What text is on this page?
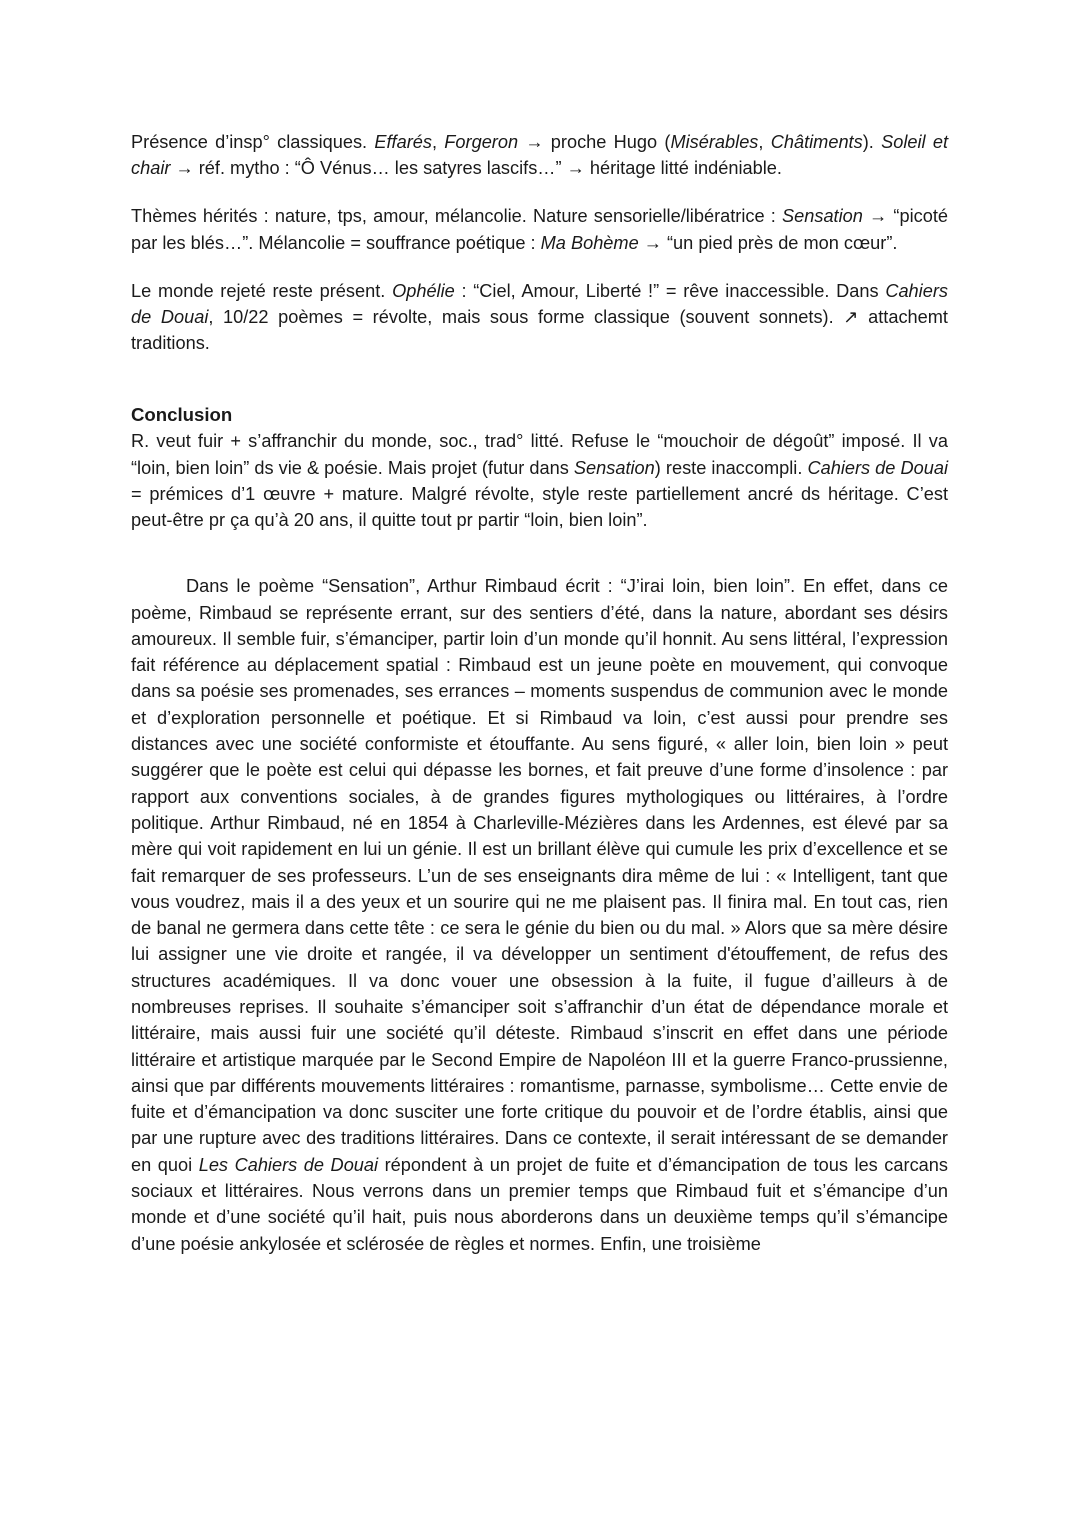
Présence d’insp° classiques. Effarés, Forgeron → proche Hugo (Misérables, Châtiments). Soleil et chair → réf. mytho : “Ô Vénus… les satyres lascifs…” → héritage litté indéniable.

Thèmes hérités : nature, tps, amour, mélancolie. Nature sensorielle/libératrice : Sensation → “picoté par les blés…”. Mélancolie = souffrance poétique : Ma Bohème → “un pied près de mon cœur”.

Le monde rejeté reste présent. Ophélie : “Ciel, Amour, Liberté !” = rêve inaccessible. Dans Cahiers de Douai, 10/22 poèmes = révolte, mais sous forme classique (souvent sonnets). ↗ attachemt traditions.

Conclusion

R. veut fuir + s’affranchir du monde, soc., trad° litté. Refuse le “mouchoir de dégoût” imposé. Il va “loin, bien loin” ds vie & poésie. Mais projet (futur dans Sensation) reste inaccompli. Cahiers de Douai = prémices d’1 œuvre + mature. Malgré révolte, style reste partiellement ancré ds héritage. C’est peut-être pr ça qu’à 20 ans, il quitte tout pr partir “loin, bien loin”.

Dans le poème “Sensation”, Arthur Rimbaud écrit : “J’irai loin, bien loin”. En effet, dans ce poème, Rimbaud se représente errant, sur des sentiers d’été, dans la nature, abordant ses désirs amoureux. Il semble fuir, s’émanciper, partir loin d’un monde qu’il honnit. Au sens littéral, l’expression fait référence au déplacement spatial : Rimbaud est un jeune poète en mouvement, qui convoque dans sa poésie ses promenades, ses errances – moments suspendus de communion avec le monde et d’exploration personnelle et poétique. Et si Rimbaud va loin, c’est aussi pour prendre ses distances avec une société conformiste et étouffante. Au sens figuré, « aller loin, bien loin » peut suggérer que le poète est celui qui dépasse les bornes, et fait preuve d’une forme d’insolence : par rapport aux conventions sociales, à de grandes figures mythologiques ou littéraires, à l’ordre politique. Arthur Rimbaud, né en 1854 à Charleville-Mézières dans les Ardennes, est élevé par sa mère qui voit rapidement en lui un génie. Il est un brillant élève qui cumule les prix d’excellence et se fait remarquer de ses professeurs. L’un de ses enseignants dira même de lui : « Intelligent, tant que vous voudrez, mais il a des yeux et un sourire qui ne me plaisent pas. Il finira mal. En tout cas, rien de banal ne germera dans cette tête : ce sera le génie du bien ou du mal. » Alors que sa mère désire lui assigner une vie droite et rangée, il va développer un sentiment d'étouffement, de refus des structures académiques. Il va donc vouer une obsession à la fuite, il fugue d’ailleurs à de nombreuses reprises. Il souhaite s’émanciper soit s’affranchir d’un état de dépendance morale et littéraire, mais aussi fuir une société qu’il déteste. Rimbaud s’inscrit en effet dans une période littéraire et artistique marquée par le Second Empire de Napoléon III et la guerre Franco-prussienne, ainsi que par différents mouvements littéraires : romantisme, parnasse, symbolisme… Cette envie de fuite et d’émancipation va donc susciter une forte critique du pouvoir et de l’ordre établis, ainsi que par une rupture avec des traditions littéraires. Dans ce contexte, il serait intéressant de se demander en quoi Les Cahiers de Douai répondent à un projet de fuite et d’émancipation de tous les carcans sociaux et littéraires. Nous verrons dans un premier temps que Rimbaud fuit et s’émancipe d’un monde et d’une société qu’il hait, puis nous aborderons dans un deuxième temps qu’il s’émancipe d’une poésie ankylosée et sclérosée de règles et normes. Enfin, une troisième
